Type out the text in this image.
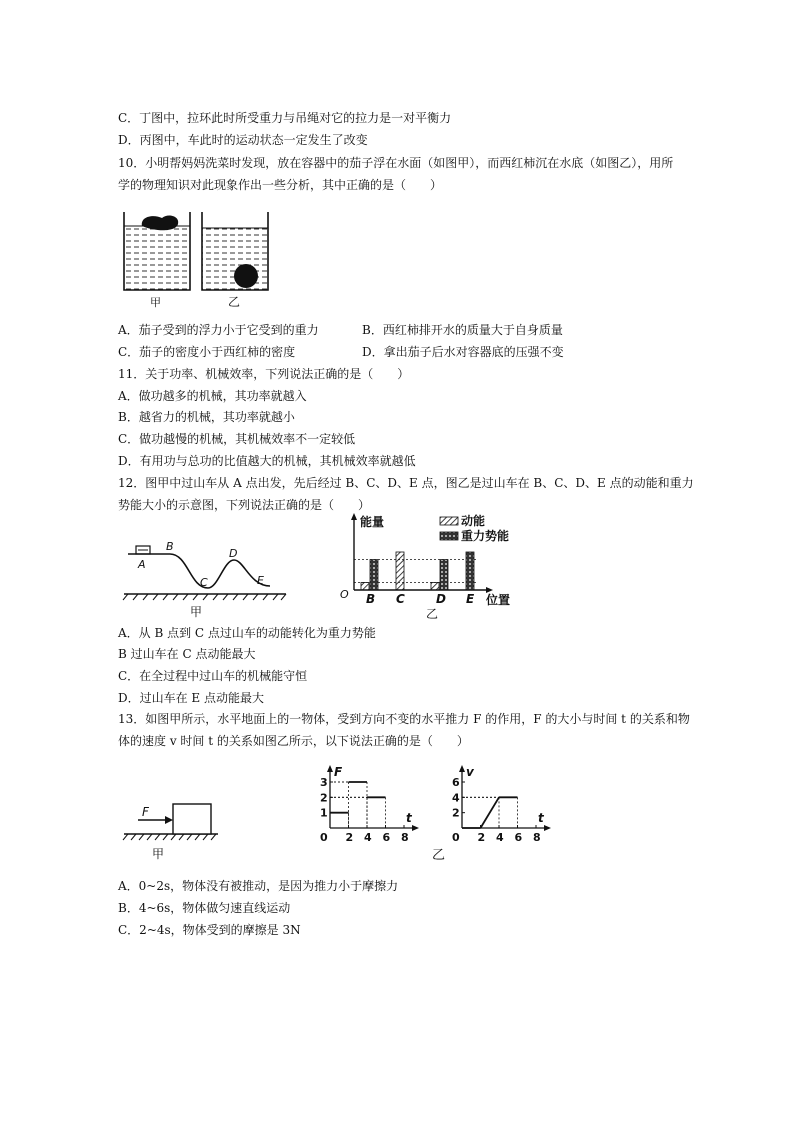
C．丁图中，拉环此时所受重力与吊绳对它的拉力是一对平衡力
D．丙图中，车此时的运动状态一定发生了改变
10．小明帮妈妈洗菜时发现，放在容器中的茄子浮在水面（如图甲），而西红柿沉在水底（如图乙），用所
学的物理知识对此现象作出一些分析，其中正确的是（　　）
甲	乙
A．茄子受到的浮力小于它受到的重力	B．西红柿排开水的质量大于自身质量
C．茄子的密度小于西红柿的密度	D．拿出茄子后水对容器底的压强不变
11．关于功率、机械效率，下列说法正确的是（　　）
A．做功越多的机械，其功率就越入
B．越省力的机械，其功率就越小
C．做功越慢的机械，其机械效率不一定较低
D．有用功与总功的比值越大的机械，其机械效率就越低
12．图甲中过山车从 A 点出发，先后经过 B、C、D、E 点，图乙是过山车在 B、C、D、E 点的动能和重力
势能大小的示意图，下列说法正确的是（　　）
A
B
C
D
E
甲
B C	D E
O
能量
位置
动能
重力势能
乙
A．从 B 点到 C 点过山车的动能转化为重力势能
B 过山车在 C 点动能最大
C．在全过程中过山车的机械能守恒
D．过山车在 E 点动能最大
13．如图甲所示，水平地面上的一物体，受到方向不变的水平推力 F 的作用，F 的大小与时间 t 的关系和物
体的速度 v 时间 t 的关系如图乙所示，以下说法正确的是（　　）
F
甲
F
t
0 2 4 6 8
1
2
3
v
t
0 2 4 6 8
2
4
6
乙
A．0~2s，物体没有被推动，是因为推力小于摩擦力
B．4~6s，物体做匀速直线运动
C．2~4s，物体受到的摩擦是 3N
